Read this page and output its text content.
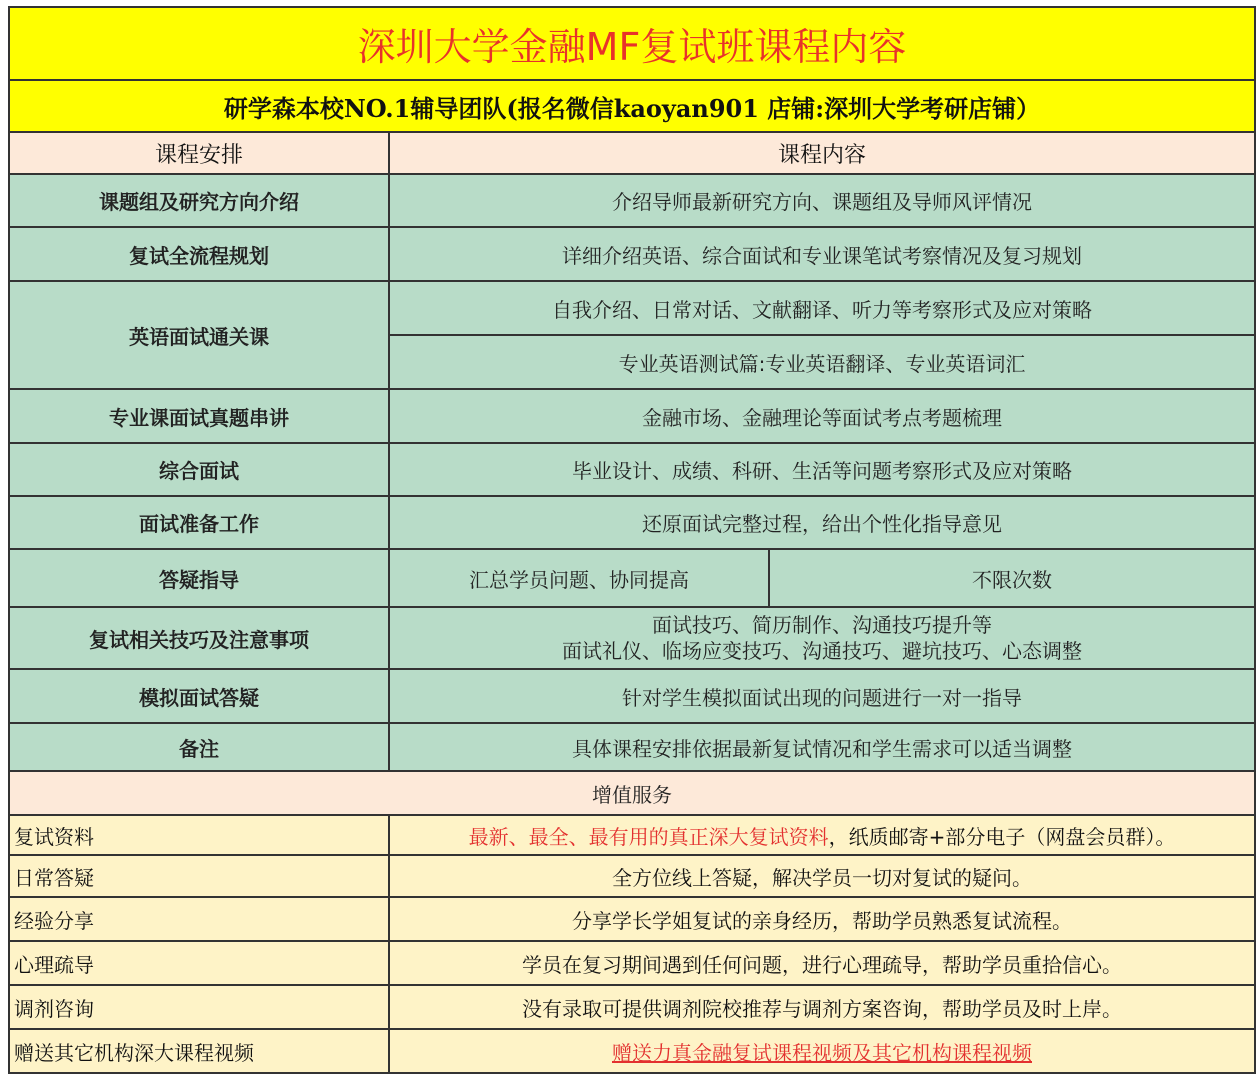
深圳大学金融MF复试班课程内容		
研学森本校NO.1辅导团队(报名微信kaoyan901 店铺:深圳大学考研店铺）		
课程安排	课程内容	
课题组及研究方向介绍	介绍导师最新研究方向、课题组及导师风评情况	
复试全流程规划	详细介绍英语、综合面试和专业课笔试考察情况及复习规划	
英语面试通关课	自我介绍、日常对话、文献翻译、听力等考察形式及应对策略	
	专业英语测试篇:专业英语翻译、专业英语词汇	
专业课面试真题串讲	金融市场、金融理论等面试考点考题梳理	
综合面试	毕业设计、成绩、科研、生活等问题考察形式及应对策略	
面试准备工作	还原面试完整过程，给出个性化指导意见	
答疑指导	汇总学员问题、协同提高	不限次数
复试相关技巧及注意事项	面试技巧、简历制作、沟通技巧提升等
面试礼仪、临场应变技巧、沟通技巧、避坑技巧、心态调整	

模拟面试答疑	针对学生模拟面试出现的问题进行一对一指导	
备注	具体课程安排依据最新复试情况和学生需求可以适当调整	
增值服务		
复试资料	最新、最全、最有用的真正深大复试资料，纸质邮寄+部分电子（网盘会员群）。	
日常答疑	全方位线上答疑，解决学员一切对复试的疑问。	
经验分享	分享学长学姐复试的亲身经历，帮助学员熟悉复试流程。	
心理疏导	学员在复习期间遇到任何问题，进行心理疏导，帮助学员重拾信心。	
调剂咨询	没有录取可提供调剂院校推荐与调剂方案咨询，帮助学员及时上岸。	
赠送其它机构深大课程视频	赠送力真金融复试课程视频及其它机构课程视频	
